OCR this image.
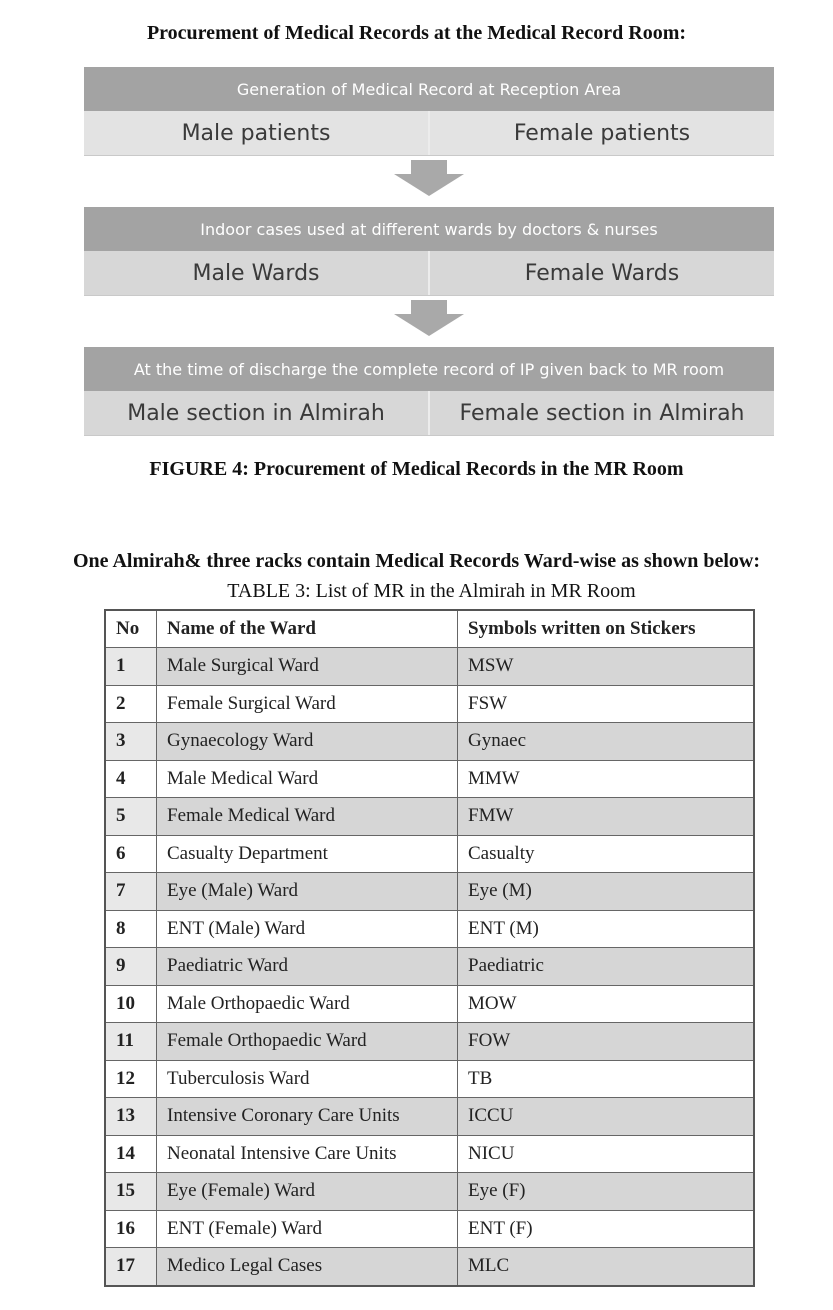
Procurement of Medical Records at the Medical Record Room:
Generation of Medical Record at Reception Area
Male patients	Female patients
Indoor cases used at different wards by doctors & nurses
Male Wards	Female Wards
At the time of discharge the complete record of IP given back to MR room
Male section in Almirah	Female section in Almirah
FIGURE 4: Procurement of Medical Records in the MR Room
One Almirah& three racks contain Medical Records Ward-wise as shown below:
TABLE 3: List of MR in the Almirah in MR Room
No	Name of the Ward	Symbols written on Stickers
1	Male Surgical Ward	MSW
2	Female Surgical Ward	FSW
3	Gynaecology Ward	Gynaec
4	Male Medical Ward	MMW
5	Female Medical Ward	FMW
6	Casualty Department	Casualty
7	Eye (Male) Ward	Eye (M)
8	ENT (Male) Ward	ENT (M)
9	Paediatric Ward	Paediatric
10	Male Orthopaedic Ward	MOW
11	Female Orthopaedic Ward	FOW
12	Tuberculosis Ward	TB
13	Intensive Coronary Care Units	ICCU
14	Neonatal Intensive Care Units	NICU
15	Eye (Female) Ward	Eye (F)
16	ENT (Female) Ward	ENT (F)
17	Medico Legal Cases	MLC
